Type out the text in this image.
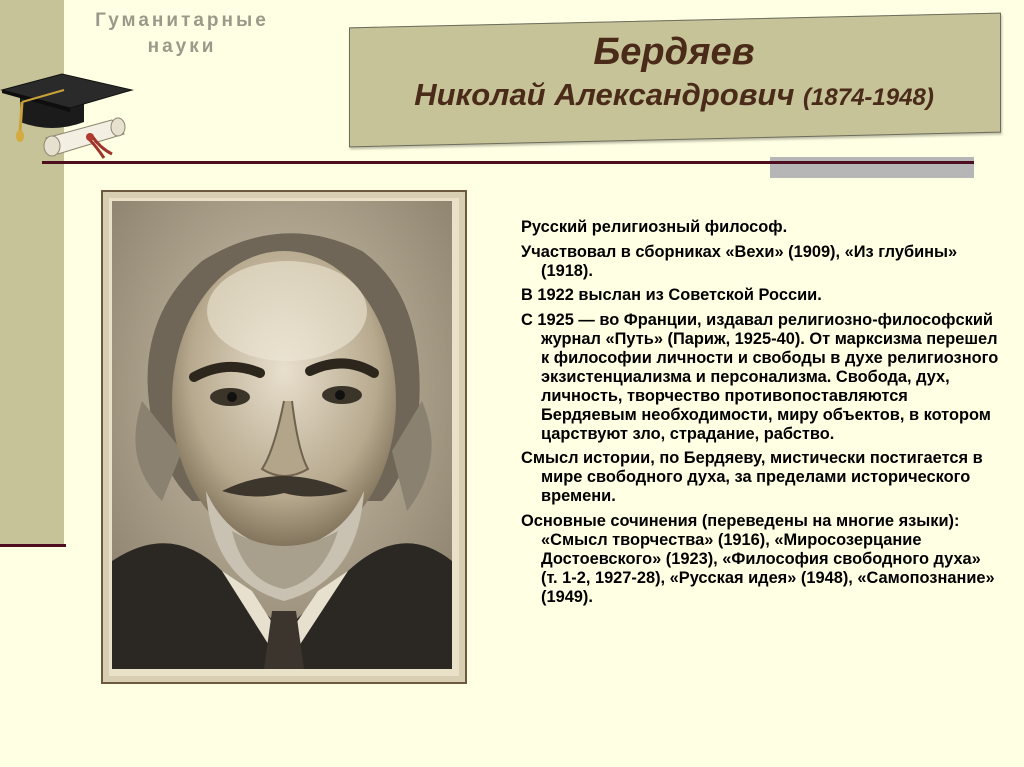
Гуманитарные
науки	Бердяев
Николай Александрович (1874-1948)

Русский религиозный философ.

Участвовал в сборниках «Вехи» (1909), «Из глубины» (1918).

В 1922 выслан из Советской России.

С 1925 — во Франции, издавал религиозно-философский журнал «Путь» (Париж, 1925-40). От марксизма перешел к философии личности и свободы в духе религиозного экзистенциализма и персонализма. Свобода, дух, личность, творчество противопоставляются Бердяевым необходимости, миру объектов, в котором царствуют зло, страдание, рабство.

Смысл истории, по Бердяеву, мистически постигается в мире свободного духа, за пределами исторического времени.

Основные сочинения (переведены на многие языки): «Смысл творчества» (1916), «Миросозерцание Достоевского» (1923), «Философия свободного духа» (т. 1-2, 1927-28), «Русская идея» (1948), «Самопознание» (1949).
